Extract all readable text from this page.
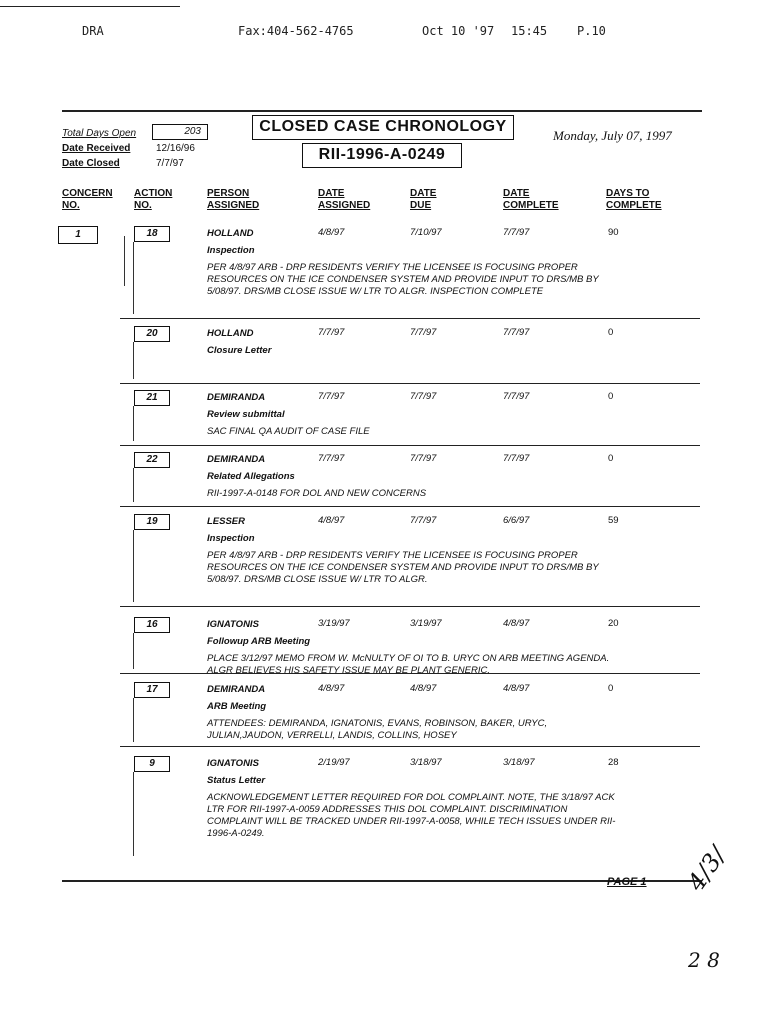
DRA	Fax:404-562-4765	Oct 10 '97 15:45 P.10
Total Days Open	203
Date Received	12/16/96
Date Closed	7/7/97
CLOSED CASE CHRONOLOGY
RII-1996-A-0249
Monday, July 07, 1997
CONCERN
NO.
ACTION
NO.
PERSON
ASSIGNED
DATE
ASSIGNED
DATE
DUE
DATE
COMPLETE
DAYS TO
COMPLETE
1	18	HOLLAND	4/8/97	7/10/97	7/7/97	90
Inspection
PER 4/8/97 ARB - DRP RESIDENTS VERIFY THE LICENSEE IS FOCUSING PROPER
RESOURCES ON THE ICE CONDENSER SYSTEM AND PROVIDE INPUT TO DRS/MB BY
5/08/97. DRS/MB CLOSE ISSUE W/ LTR TO ALGR. INSPECTION COMPLETE
20	HOLLAND	7/7/97	7/7/97	7/7/97	0
Closure Letter
21	DEMIRANDA	7/7/97	7/7/97	7/7/97	0
Review submittal
SAC FINAL QA AUDIT OF CASE FILE
22	DEMIRANDA	7/7/97	7/7/97	7/7/97	0
Related Allegations
RII-1997-A-0148 FOR DOL AND NEW CONCERNS
19	LESSER	4/8/97	7/7/97	6/6/97	59
Inspection
PER 4/8/97 ARB - DRP RESIDENTS VERIFY THE LICENSEE IS FOCUSING PROPER
RESOURCES ON THE ICE CONDENSER SYSTEM AND PROVIDE INPUT TO DRS/MB BY
5/08/97. DRS/MB CLOSE ISSUE W/ LTR TO ALGR.
16	IGNATONIS	3/19/97	3/19/97	4/8/97	20
Followup ARB Meeting
PLACE 3/12/97 MEMO FROM W. McNULTY OF OI TO B. URYC ON ARB MEETING AGENDA.
ALGR BELIEVES HIS SAFETY ISSUE MAY BE PLANT GENERIC.
17	DEMIRANDA	4/8/97	4/8/97	4/8/97	0
ARB Meeting
ATTENDEES: DEMIRANDA, IGNATONIS, EVANS, ROBINSON, BAKER, URYC,
JULIAN,JAUDON, VERRELLI, LANDIS, COLLINS, HOSEY
9	IGNATONIS	2/19/97	3/18/97	3/18/97	28
Status Letter
ACKNOWLEDGEMENT LETTER REQUIRED FOR DOL COMPLAINT. NOTE, THE 3/18/97 ACK
LTR FOR RII-1997-A-0059 ADDRESSES THIS DOL COMPLAINT. DISCRIMINATION
COMPLAINT WILL BE TRACKED UNDER RII-1997-A-0058, WHILE TECH ISSUES UNDER RII-
1996-A-0249.
PAGE 1 4/3/
2 8
